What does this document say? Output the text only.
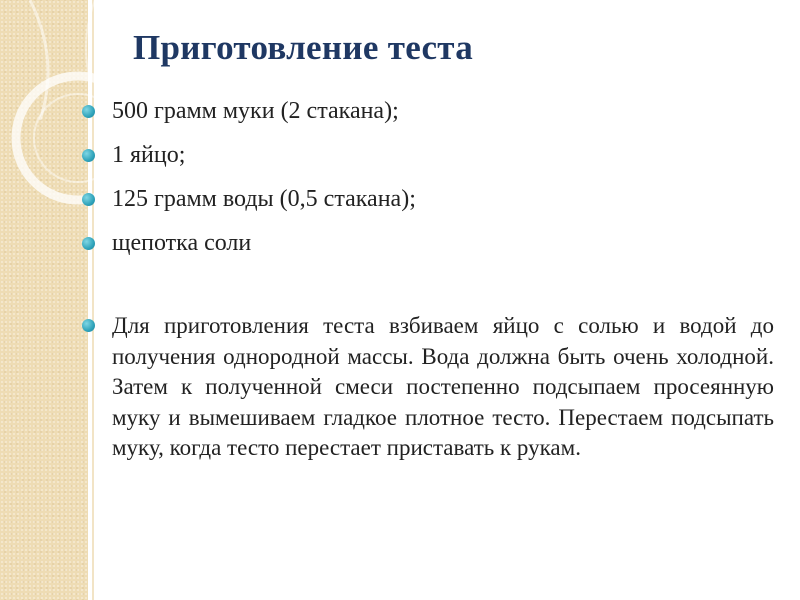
Приготовление теста
500 грамм муки (2 стакана);
1 яйцо;
125 грамм воды (0,5 стакана);
щепотка соли
Для приготовления теста взбиваем яйцо с солью и водой до получения однородной массы. Вода должна быть очень холодной. Затем к полученной смеси постепенно подсыпаем просеянную муку и вымешиваем гладкое плотное тесто. Перестаем подсыпать муку, когда тесто перестает приставать к рукам.
